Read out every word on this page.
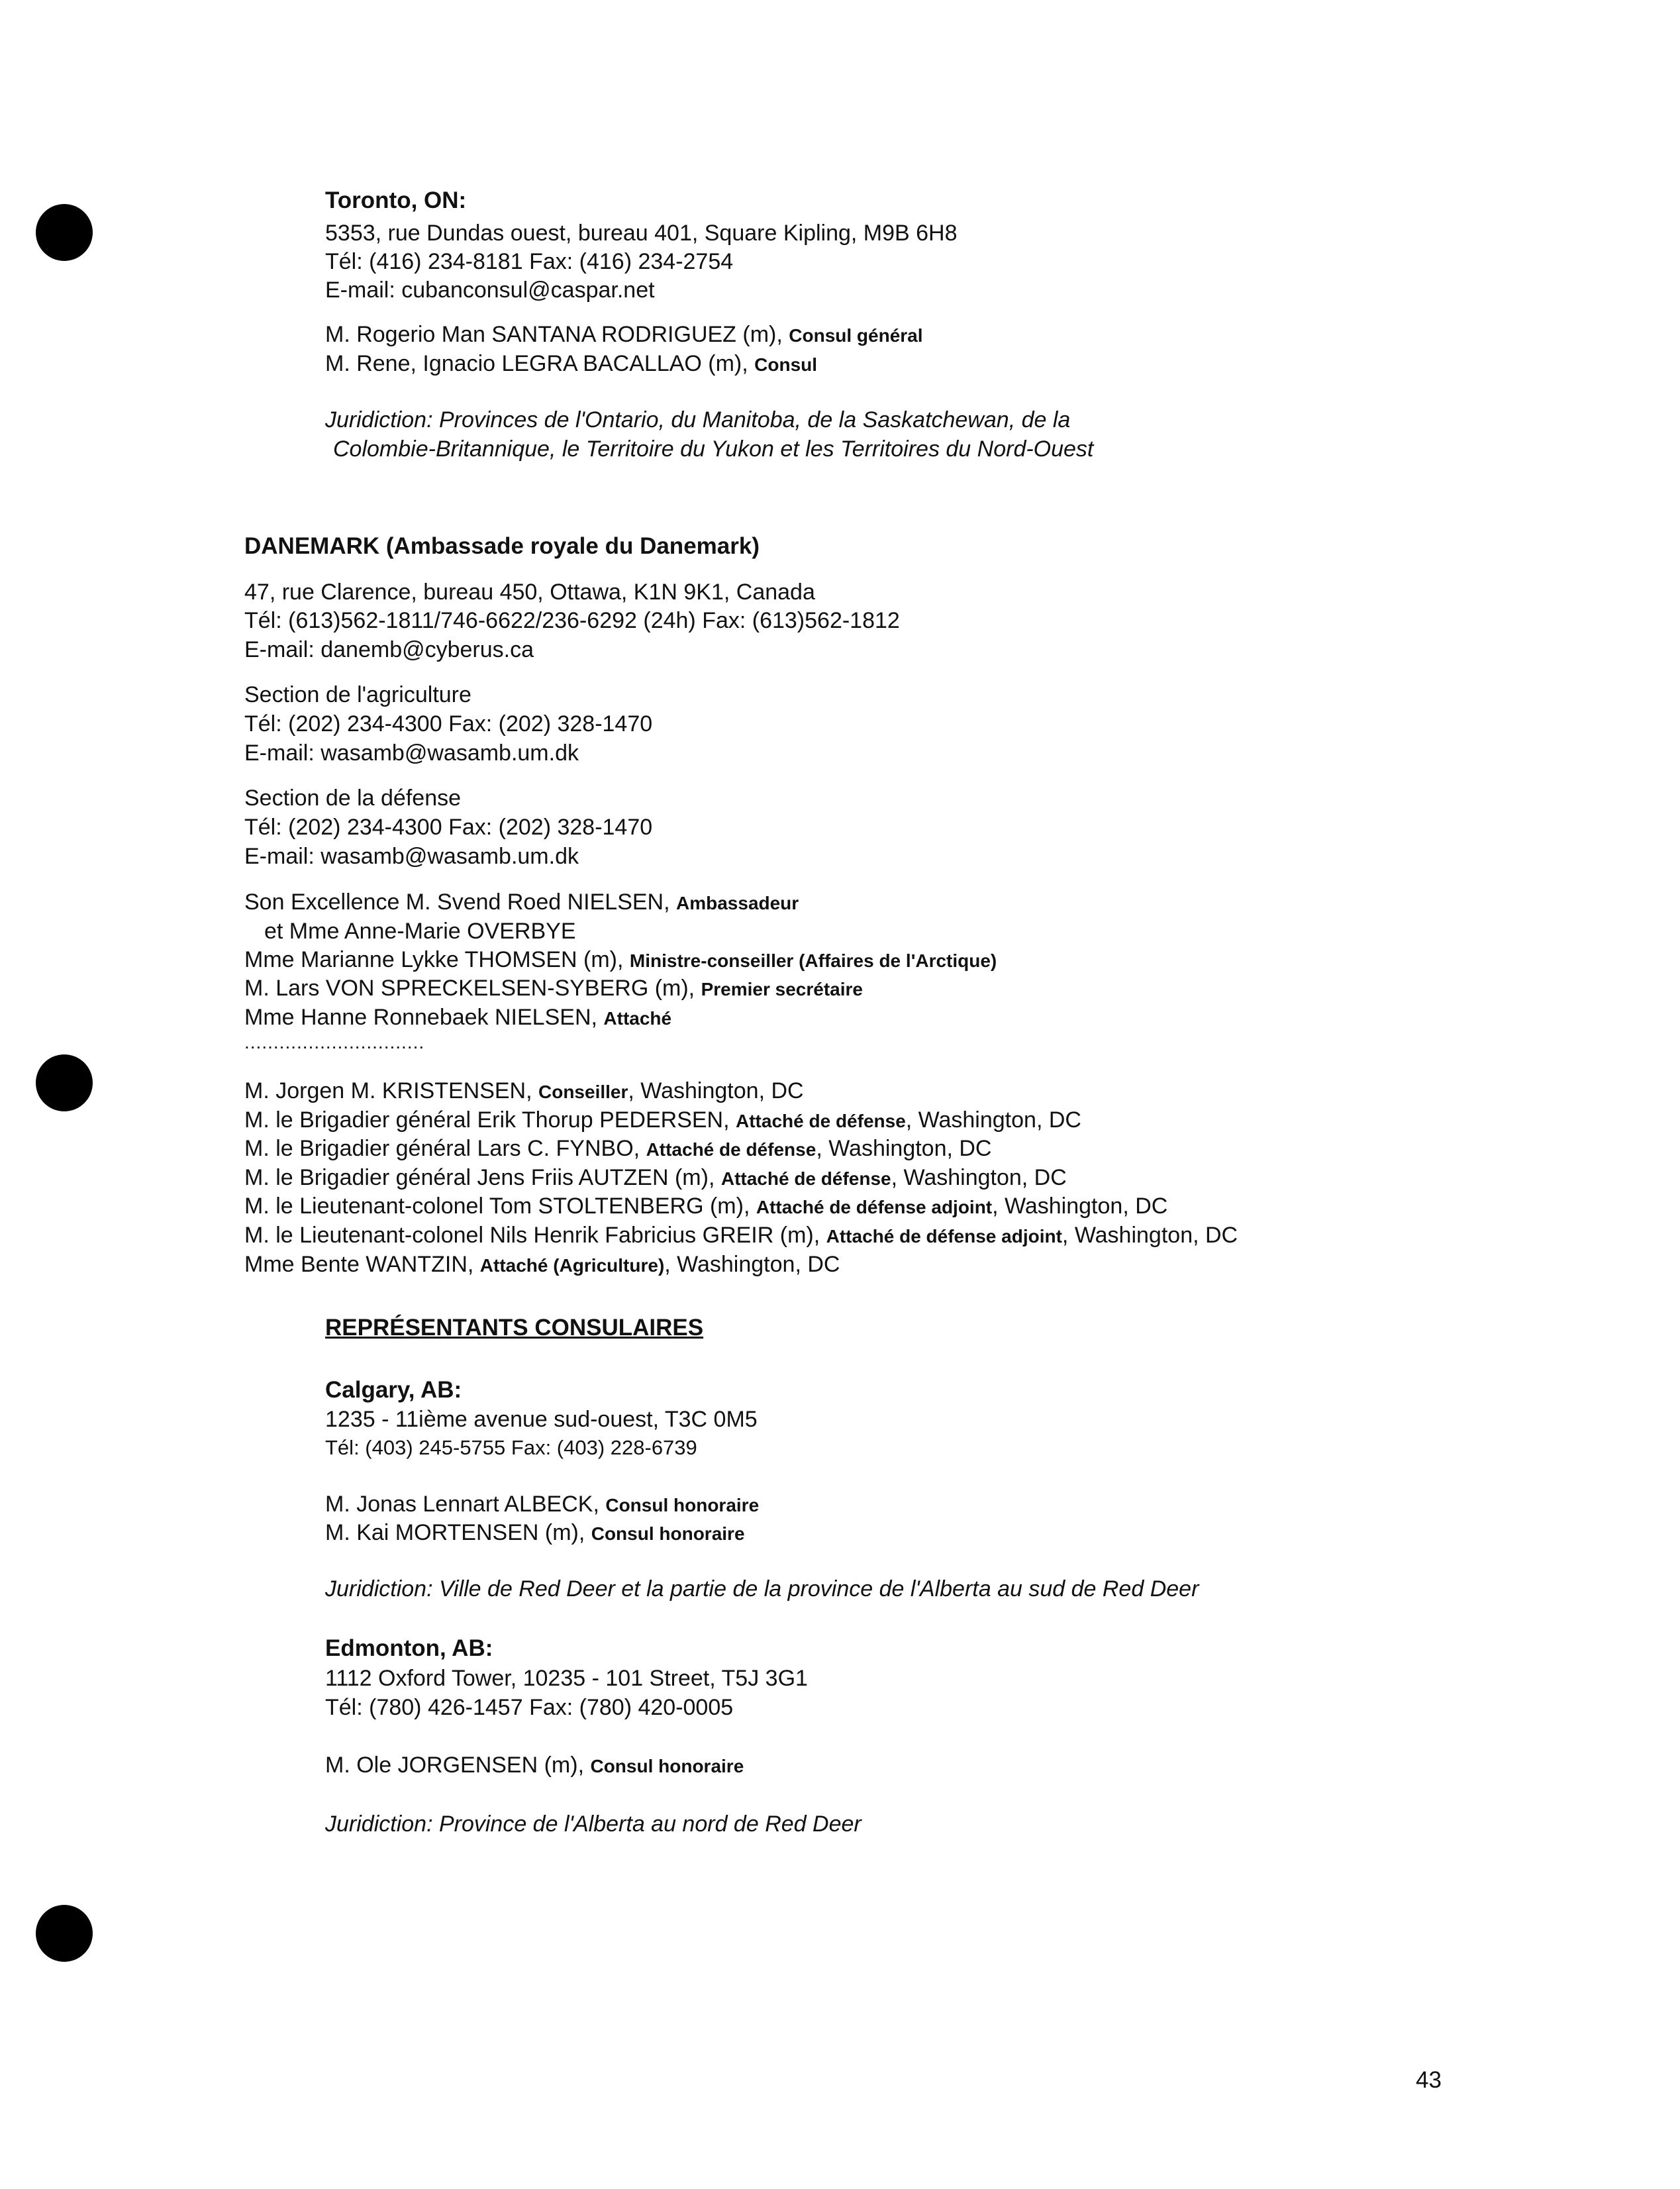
Toronto, ON:
5353, rue Dundas ouest, bureau 401, Square Kipling, M9B 6H8
Tél: (416) 234-8181 Fax: (416) 234-2754
E-mail: cubanconsul@caspar.net
M. Rogerio Man SANTANA RODRIGUEZ (m), Consul général
M. Rene, Ignacio LEGRA BACALLAO (m), Consul
Juridiction: Provinces de l'Ontario, du Manitoba, de la Saskatchewan, de la
Colombie-Britannique, le Territoire du Yukon et les Territoires du Nord-Ouest
DANEMARK (Ambassade royale du Danemark)
47, rue Clarence, bureau 450, Ottawa, K1N 9K1, Canada
Tél: (613)562-1811/746-6622/236-6292 (24h) Fax: (613)562-1812
E-mail: danemb@cyberus.ca
Section de l'agriculture
Tél: (202) 234-4300 Fax: (202) 328-1470
E-mail: wasamb@wasamb.um.dk
Section de la défense
Tél: (202) 234-4300 Fax: (202) 328-1470
E-mail: wasamb@wasamb.um.dk
Son Excellence M. Svend Roed NIELSEN, Ambassadeur
et Mme Anne-Marie OVERBYE
Mme Marianne Lykke THOMSEN (m), Ministre-conseiller (Affaires de l'Arctique)
M. Lars VON SPRECKELSEN-SYBERG (m), Premier secrétaire
Mme Hanne Ronnebaek NIELSEN, Attaché
...............................
M. Jorgen M. KRISTENSEN, Conseiller, Washington, DC
M. le Brigadier général Erik Thorup PEDERSEN, Attaché de défense, Washington, DC
M. le Brigadier général Lars C. FYNBO, Attaché de défense, Washington, DC
M. le Brigadier général Jens Friis AUTZEN (m), Attaché de défense, Washington, DC
M. le Lieutenant-colonel Tom STOLTENBERG (m), Attaché de défense adjoint, Washington, DC
M. le Lieutenant-colonel Nils Henrik Fabricius GREIR (m), Attaché de défense adjoint, Washington, DC
Mme Bente WANTZIN, Attaché (Agriculture), Washington, DC
REPRÉSENTANTS CONSULAIRES
Calgary, AB:
1235 - 11ième avenue sud-ouest, T3C 0M5
Tél: (403) 245-5755 Fax: (403) 228-6739
M. Jonas Lennart ALBECK, Consul honoraire
M. Kai MORTENSEN (m), Consul honoraire
Juridiction: Ville de Red Deer et la partie de la province de l'Alberta au sud de Red Deer
Edmonton, AB:
1112 Oxford Tower, 10235 - 101 Street, T5J 3G1
Tél: (780) 426-1457 Fax: (780) 420-0005
M. Ole JORGENSEN (m), Consul honoraire
Juridiction: Province de l'Alberta au nord de Red Deer
43
